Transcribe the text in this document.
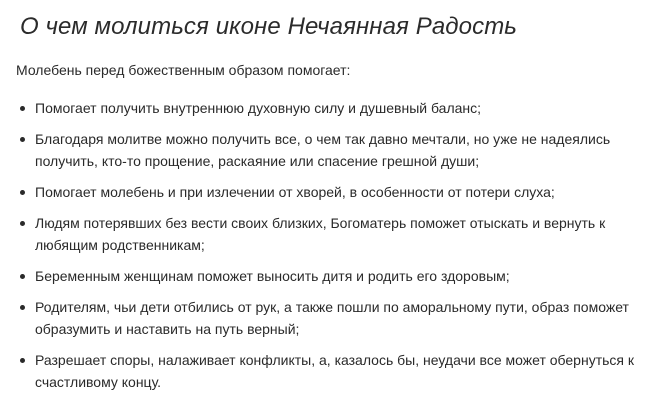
О чем молиться иконе Нечаянная Радость

Молебень перед божественным образом помогает:

Помогает получить внутреннюю духовную силу и душевный баланс;
Благодаря молитве можно получить все, о чем так давно мечтали, но уже не надеялись
получить, кто-то прощение, раскаяние или спасение грешной души;
Помогает молебень и при излечении от хворей, в особенности от потери слуха;
Людям потерявших без вести своих близких, Богоматерь поможет отыскать и вернуть к
любящим родственникам;
Беременным женщинам поможет выносить дитя и родить его здоровым;
Родителям, чьи дети отбились от рук, а также пошли по аморальному пути, образ поможет
образумить и наставить на путь верный;
Разрешает споры, налаживает конфликты, а, казалось бы, неудачи все может обернуться к
счастливому концу.
